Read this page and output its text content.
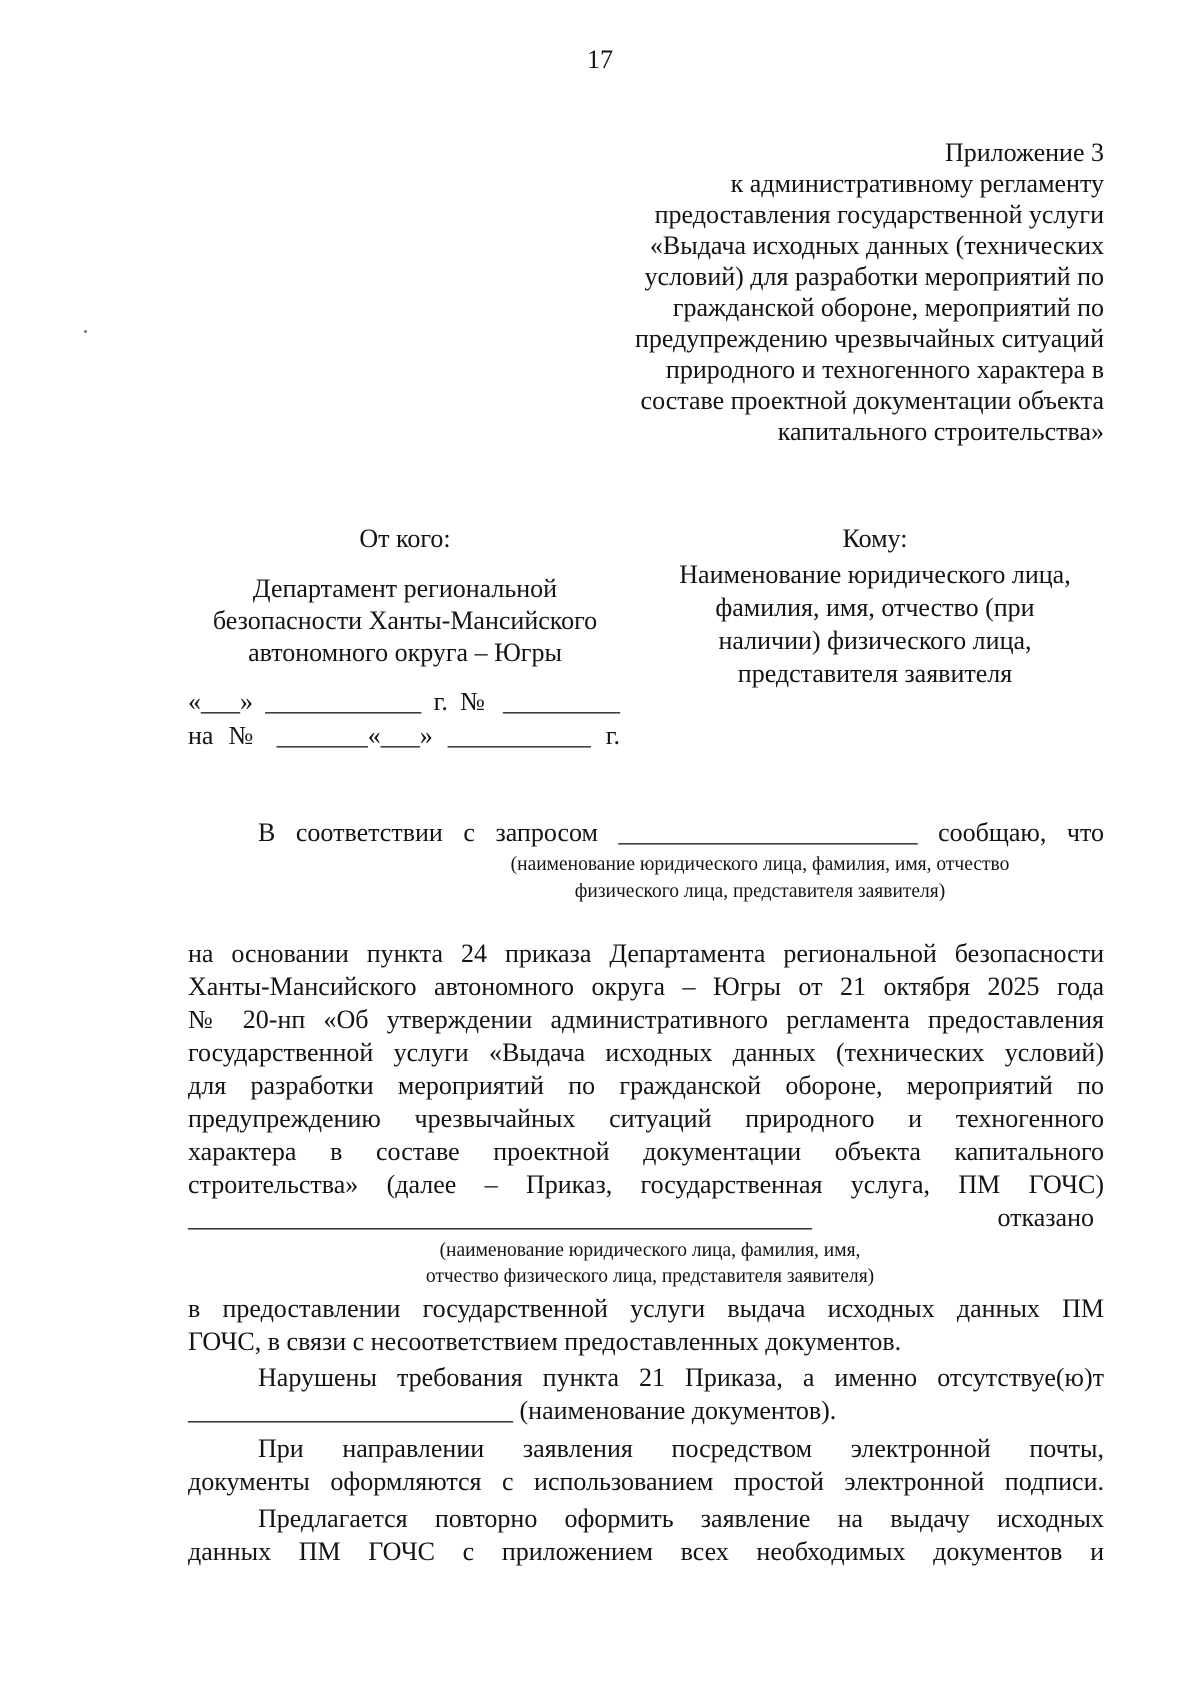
17
Приложение 3
к административному регламенту
предоставления государственной услуги
«Выдача исходных данных (технических
условий) для разработки мероприятий по
гражданской обороне, мероприятий по
предупреждению чрезвычайных ситуаций
природного и техногенного характера в
составе проектной документации объекта
капитального строительства»
От кого:
Департамент региональной
безопасности Ханты-Мансийского
автономного округа – Югры
«___» ____________ г. № _________
на № _______«___» ___________ г.
Кому:
Наименование юридического лица,
фамилия, имя, отчество (при
наличии) физического лица,
представителя заявителя
В соответствии с запросом _______________________ сообщаю, что
(наименование юридического лица, фамилия, имя, отчество
физического лица, представителя заявителя)
на основании пункта 24 приказа Департамента региональной безопасности
Ханты-Мансийского автономного округа – Югры от 21 октября 2025 года
№ 20-нп «Об утверждении административного регламента предоставления
государственной услуги «Выдача исходных данных (технических условий)
для разработки мероприятий по гражданской обороне, мероприятий по
предупреждению чрезвычайных ситуаций природного и техногенного
характера в составе проектной документации объекта капитального
строительства» (далее – Приказ, государственная услуга, ПМ ГОЧС)
________________________________________________ отказано
(наименование юридического лица, фамилия, имя,
отчество физического лица, представителя заявителя)
в предоставлении государственной услуги выдача исходных данных ПМ
ГОЧС, в связи с несоответствием предоставленных документов.
Нарушены требования пункта 21 Приказа, а именно отсутствуе(ю)т
_________________________ (наименование документов).
При направлении заявления посредством электронной почты,
документы оформляются с использованием простой электронной подписи.
Предлагается повторно оформить заявление на выдачу исходных
данных ПМ ГОЧС с приложением всех необходимых документов и
